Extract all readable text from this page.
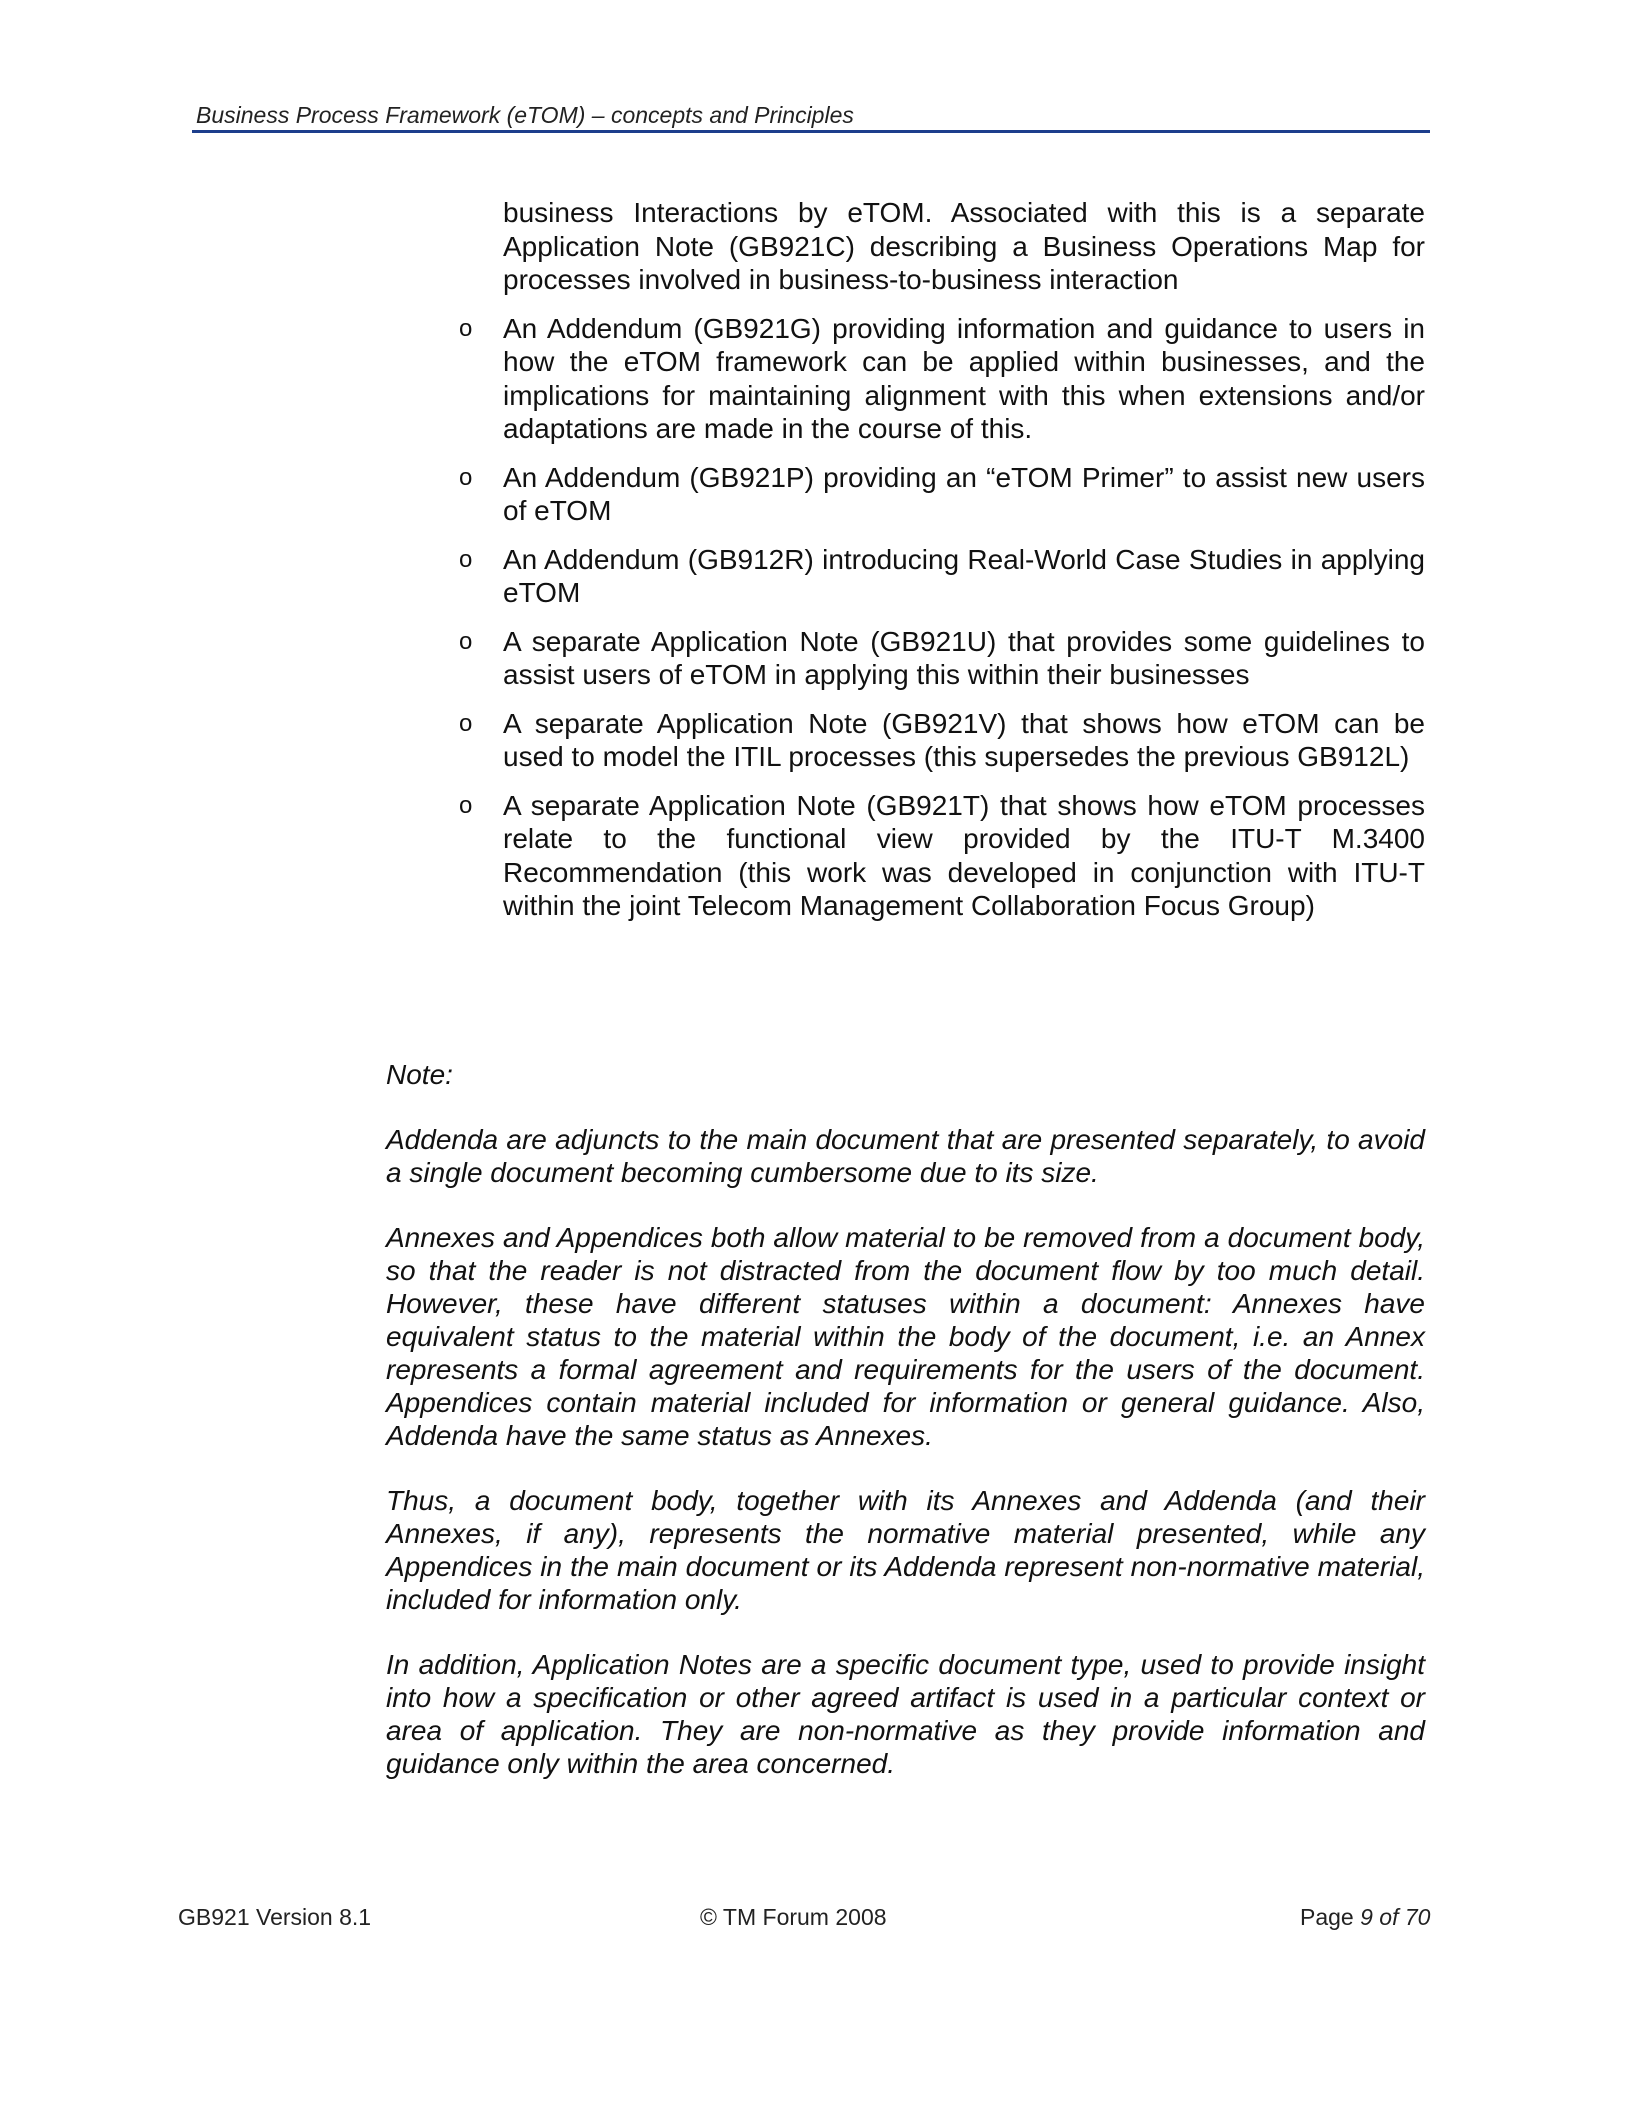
Business Process Framework (eTOM) – concepts and Principles
business Interactions by eTOM. Associated with this is a separate Application Note (GB921C) describing a Business Operations Map for processes involved in business-to-business interaction
o	An Addendum (GB921G) providing information and guidance to users in how the eTOM framework can be applied within businesses, and the implications for maintaining alignment with this when extensions and/or adaptations are made in the course of this.
o	An Addendum (GB921P) providing an “eTOM Primer” to assist new users of eTOM
o	An Addendum (GB912R) introducing Real-World Case Studies in applying eTOM
o	A separate Application Note (GB921U) that provides some guidelines to assist users of eTOM in applying this within their businesses
o	A separate Application Note (GB921V) that shows how eTOM can be used to model the ITIL processes (this supersedes the previous GB912L)
o	A separate Application Note (GB921T) that shows how eTOM processes relate to the functional view provided by the ITU-T M.3400 Recommendation (this work was developed in conjunction with ITU-T within the joint Telecom Management Collaboration Focus Group)

Note:

Addenda are adjuncts to the main document that are presented separately, to avoid a single document becoming cumbersome due to its size.

Annexes and Appendices both allow material to be removed from a document body, so that the reader is not distracted from the document flow by too much detail. However, these have different statuses within a document: Annexes have equivalent status to the material within the body of the document, i.e. an Annex represents a formal agreement and requirements for the users of the document. Appendices contain material included for information or general guidance. Also, Addenda have the same status as Annexes.

Thus, a document body, together with its Annexes and Addenda (and their Annexes, if any), represents the normative material presented, while any Appendices in the main document or its Addenda represent non-normative material, included for information only.

In addition, Application Notes are a specific document type, used to provide insight into how a specification or other agreed artifact is used in a particular context or area of application. They are non-normative as they provide information and guidance only within the area concerned.

GB921 Version 8.1	© TM Forum 2008	Page 9 of 70
